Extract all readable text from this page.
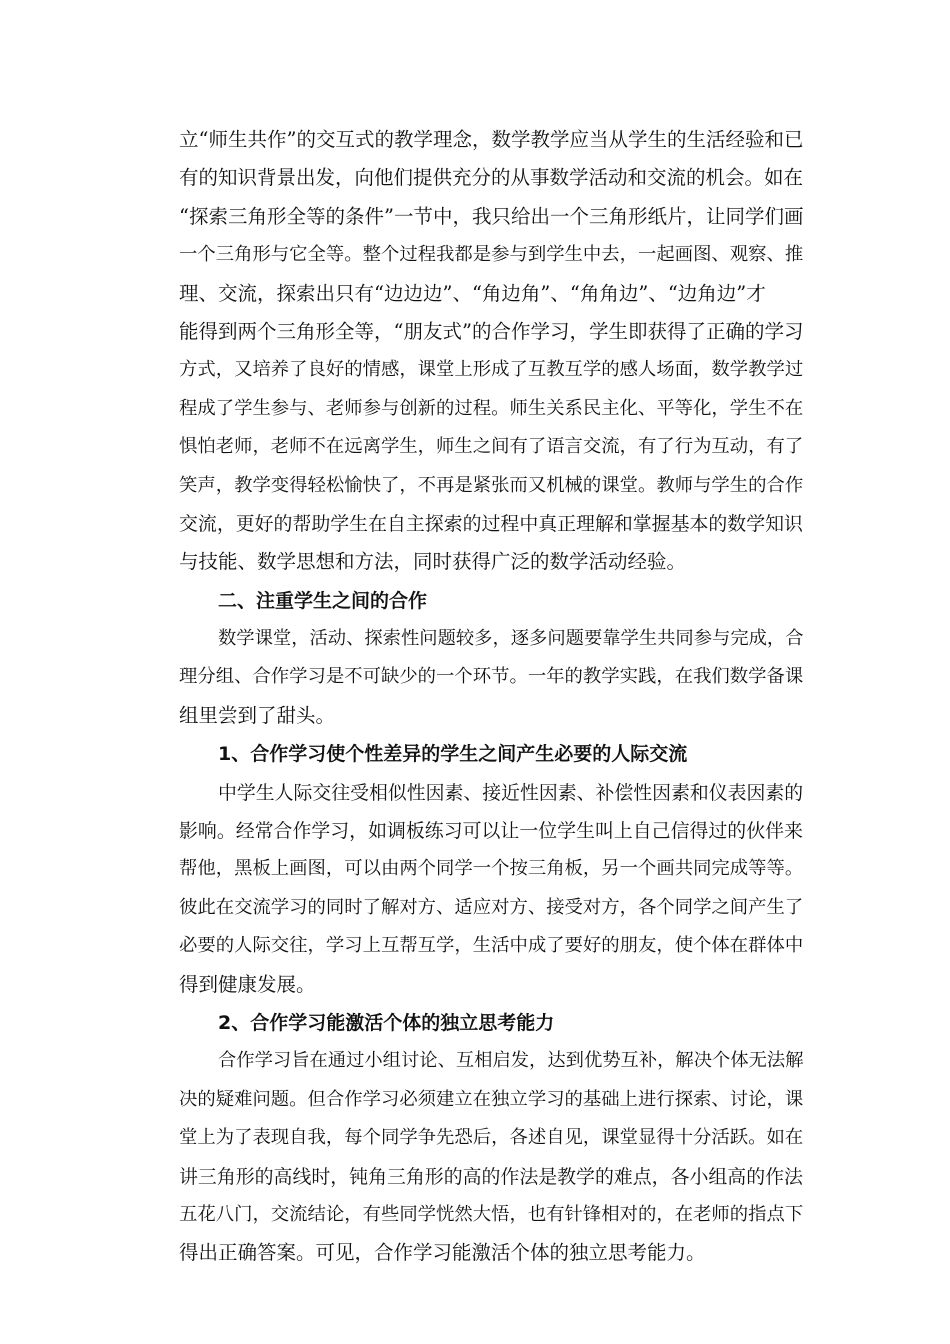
立“师生共作”的交互式的教学理念，数学教学应当从学生的生活经验和已
有的知识背景出发，向他们提供充分的从事数学活动和交流的机会。如在
“探索三角形全等的条件”一节中，我只给出一个三角形纸片，让同学们画
一个三角形与它全等。整个过程我都是参与到学生中去，一起画图、观察、推
理、交流，探索出只有“边边边”、“角边角”、“角角边”、“边角边”才
能得到两个三角形全等，“朋友式”的合作学习，学生即获得了正确的学习
方式，又培养了良好的情感，课堂上形成了互教互学的感人场面，数学教学过
程成了学生参与、老师参与创新的过程。师生关系民主化、平等化，学生不在
惧怕老师，老师不在远离学生，师生之间有了语言交流，有了行为互动，有了
笑声，教学变得轻松愉快了，不再是紧张而又机械的课堂。教师与学生的合作
交流，更好的帮助学生在自主探索的过程中真正理解和掌握基本的数学知识
与技能、数学思想和方法，同时获得广泛的数学活动经验。
二、注重学生之间的合作
数学课堂，活动、探索性问题较多，逐多问题要靠学生共同参与完成，合
理分组、合作学习是不可缺少的一个环节。一年的教学实践，在我们数学备课
组里尝到了甜头。
1、合作学习使个性差异的学生之间产生必要的人际交流
中学生人际交往受相似性因素、接近性因素、补偿性因素和仪表因素的
影响。经常合作学习，如调板练习可以让一位学生叫上自己信得过的伙伴来
帮他，黑板上画图，可以由两个同学一个按三角板，另一个画共同完成等等。
彼此在交流学习的同时了解对方、适应对方、接受对方，各个同学之间产生了
必要的人际交往，学习上互帮互学，生活中成了要好的朋友，使个体在群体中
得到健康发展。
2、合作学习能激活个体的独立思考能力
合作学习旨在通过小组讨论、互相启发，达到优势互补，解决个体无法解
决的疑难问题。但合作学习必须建立在独立学习的基础上进行探索、讨论，课
堂上为了表现自我，每个同学争先恐后，各述自见，课堂显得十分活跃。如在
讲三角形的高线时，钝角三角形的高的作法是教学的难点，各小组高的作法
五花八门，交流结论，有些同学恍然大悟，也有针锋相对的，在老师的指点下
得出正确答案。可见，合作学习能激活个体的独立思考能力。
